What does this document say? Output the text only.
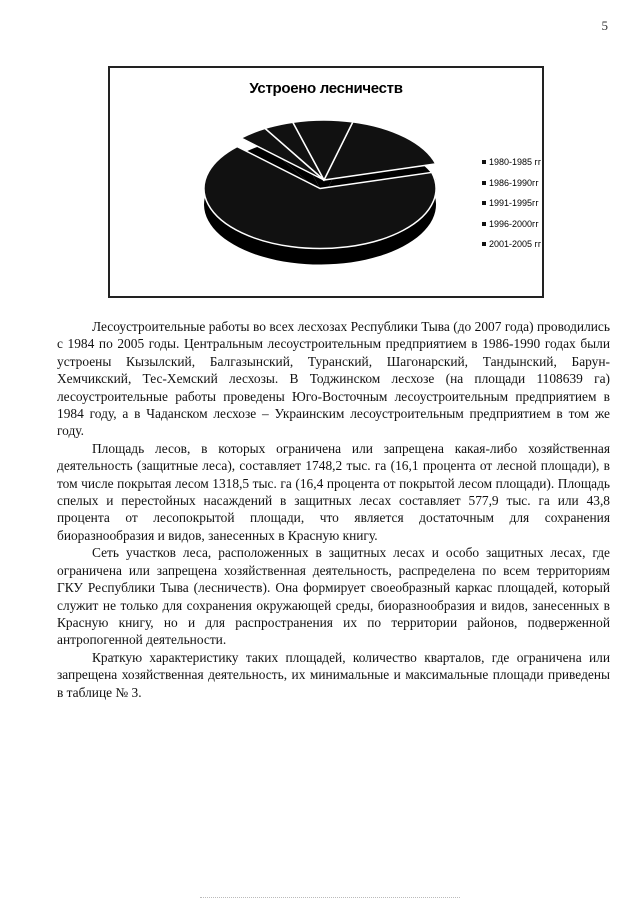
5
Устроено лесничеств
1980-1985 гг
1986-1990гг
1991-1995гг
1996-2000гг
2001-2005 гг

Лесоустроительные работы во всех лесхозах Республики Тыва (до 2007 года) проводились с 1984 по 2005 годы. Центральным лесоустроительным предприятием в 1986-1990 годах были устроены Кызылский, Балгазынский, Туранский, Шагонарский, Тандынский, Барун-Хемчикский, Тес-Хемский лесхозы. В Тоджинском лесхозе (на площади 1108639 га) лесоустроительные работы проведены Юго-Восточным лесоустроительным предприятием в 1984 году, а в Чаданском лесхозе – Украинским лесоустроительным предприятием в том же году.

Площадь лесов, в которых ограничена или запрещена какая-либо хозяйственная деятельность (защитные леса), составляет 1748,2 тыс. га (16,1 процента от лесной площади), в том числе покрытая лесом 1318,5 тыс. га (16,4 процента от покрытой лесом площади). Площадь спелых и перестойных насаждений в защитных лесах составляет 577,9 тыс. га или 43,8 процента от лесопокрытой площади, что является достаточным для сохранения биоразнообразия и видов, занесенных в Красную книгу.

Сеть участков леса, расположенных в защитных лесах и особо защитных лесах, где ограничена или запрещена хозяйственная деятельность, распределена по всем территориям ГКУ Республики Тыва (лесничеств). Она формирует своеобразный каркас площадей, который служит не только для сохранения окружающей среды, биоразнообразия и видов, занесенных в Красную книгу, но и для распространения их по территории районов, подверженной антропогенной деятельности.

Краткую характеристику таких площадей, количество кварталов, где ограничена или запрещена хозяйственная деятельность, их минимальные и максимальные площади приведены в таблице № 3.
